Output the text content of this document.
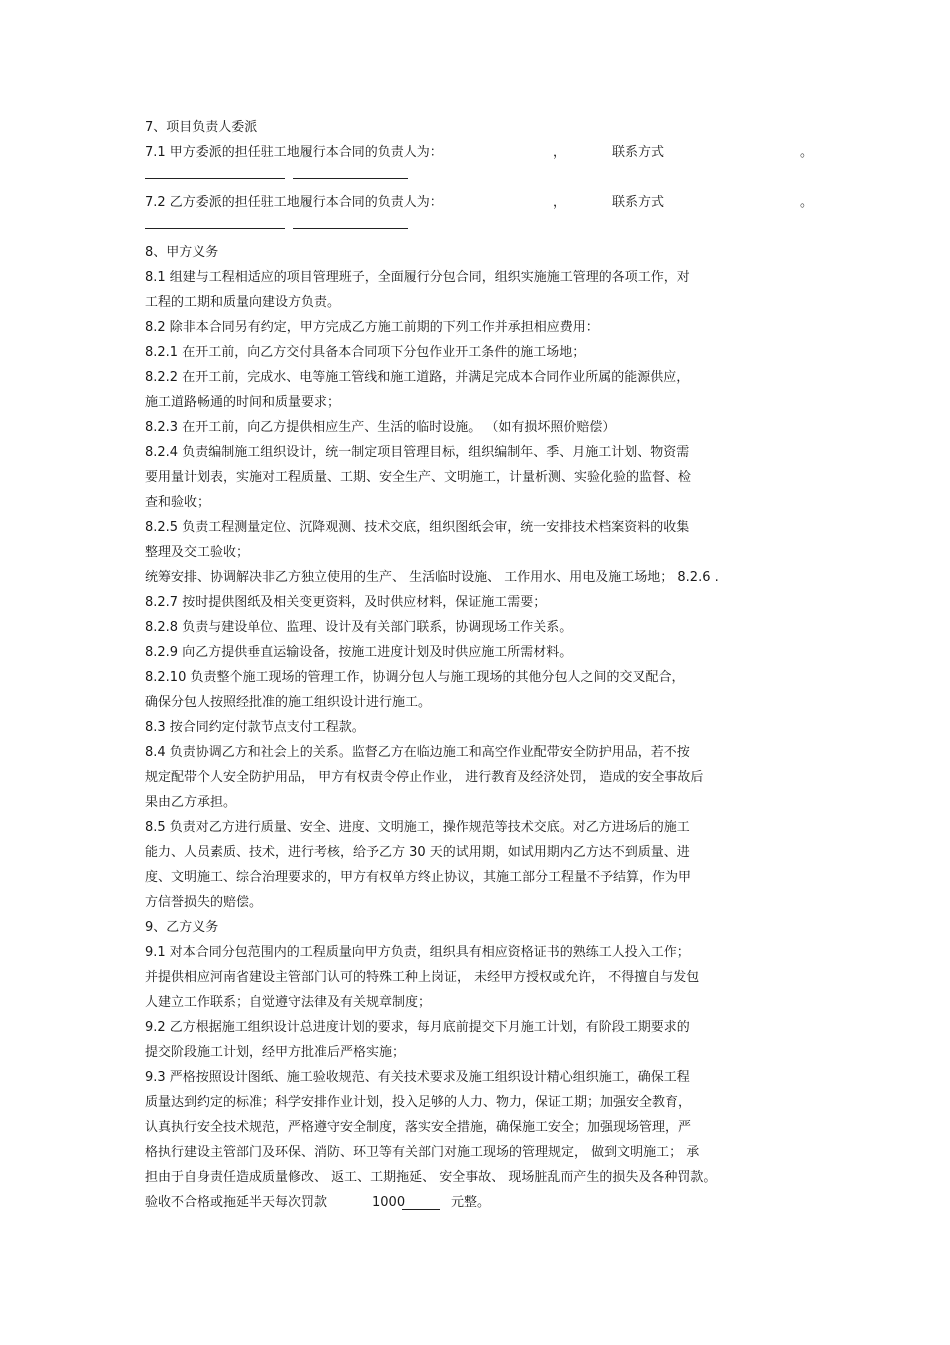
7、项目负责人委派
7.1 甲方委派的担任驻工地履行本合同的负责人为：	，	联系方式	。
7.2 乙方委派的担任驻工地履行本合同的负责人为：	，	联系方式	。
8、甲方义务
8.1 组建与工程相适应的项目管理班子，全面履行分包合同，组织实施施工管理的各项工作，对
工程的工期和质量向建设方负责。
8.2 除非本合同另有约定，甲方完成乙方施工前期的下列工作并承担相应费用：
8.2.1 在开工前，向乙方交付具备本合同项下分包作业开工条件的施工场地；
8.2.2 在开工前，完成水、电等施工管线和施工道路，并满足完成本合同作业所属的能源供应，
施工道路畅通的时间和质量要求；
8.2.3 在开工前，向乙方提供相应生产、生活的临时设施。 （如有损坏照价赔偿）
8.2.4 负责编制施工组织设计，统一制定项目管理目标，组织编制年、季、月施工计划、物资需
要用量计划表，实施对工程质量、工期、安全生产、文明施工，计量析测、实验化验的监督、检
查和验收；
8.2.5 负责工程测量定位、沉降观测、技术交底，组织图纸会审，统一安排技术档案资料的收集
整理及交工验收；
统筹安排、协调解决非乙方独立使用的生产、 生活临时设施、 工作用水、用电及施工场地； 8.2.6 .
8.2.7 按时提供图纸及相关变更资料，及时供应材料，保证施工需要；
8.2.8 负责与建设单位、监理、设计及有关部门联系，协调现场工作关系。
8.2.9 向乙方提供垂直运输设备，按施工进度计划及时供应施工所需材料。
8.2.10 负责整个施工现场的管理工作，协调分包人与施工现场的其他分包人之间的交叉配合，
确保分包人按照经批准的施工组织设计进行施工。
8.3 按合同约定付款节点支付工程款。
8.4 负责协调乙方和社会上的关系。监督乙方在临边施工和高空作业配带安全防护用品，若不按
规定配带个人安全防护用品， 甲方有权责令停止作业， 进行教育及经济处罚， 造成的安全事故后
果由乙方承担。
8.5 负责对乙方进行质量、安全、进度、文明施工，操作规范等技术交底。对乙方进场后的施工
能力、人员素质、技术，进行考核，给予乙方 30 天的试用期，如试用期内乙方达不到质量、进
度、文明施工、综合治理要求的，甲方有权单方终止协议，其施工部分工程量不予结算，作为甲
方信誉损失的赔偿。
9、乙方义务
9.1 对本合同分包范围内的工程质量向甲方负责，组织具有相应资格证书的熟练工人投入工作；
并提供相应河南省建设主管部门认可的特殊工种上岗证， 未经甲方授权或允许， 不得擅自与发包
人建立工作联系；自觉遵守法律及有关规章制度；
9.2 乙方根据施工组织设计总进度计划的要求，每月底前提交下月施工计划，有阶段工期要求的
提交阶段施工计划，经甲方批准后严格实施；
9.3 严格按照设计图纸、施工验收规范、有关技术要求及施工组织设计精心组织施工，确保工程
质量达到约定的标准；科学安排作业计划，投入足够的人力、物力，保证工期；加强安全教育，
认真执行安全技术规范，严格遵守安全制度，落实安全措施，确保施工安全；加强现场管理，严
格执行建设主管部门及环保、消防、环卫等有关部门对施工现场的管理规定， 做到文明施工； 承
担由于自身责任造成质量修改、 返工、工期拖延、 安全事故、 现场脏乱而产生的损失及各种罚款。
验收不合格或拖延半天每次罚款	1000	元整。
